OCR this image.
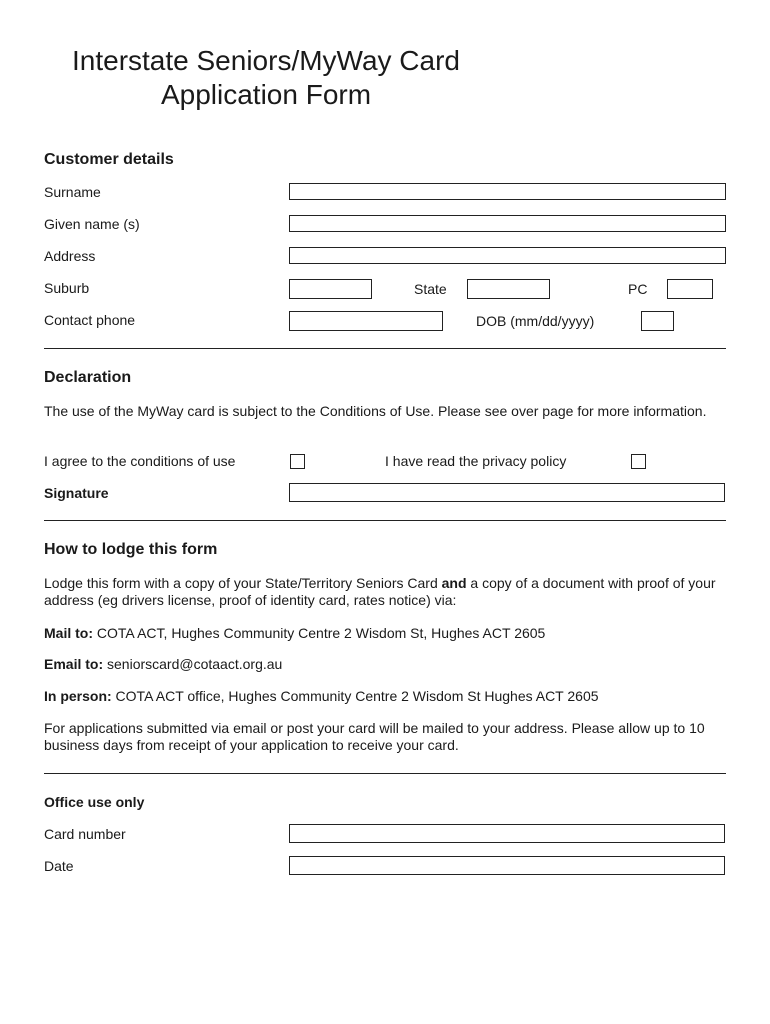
Interstate Seniors/MyWay Card
Application Form
Customer details
Surname
Given name (s)
Address
Suburb	State	PC
Contact phone	DOB (mm/dd/yyyy)
Declaration
The use of the MyWay card is subject to the Conditions of Use. Please see over page for more information.
I agree to the conditions of use	I have read the privacy policy
Signature
How to lodge this form
Lodge this form with a copy of your State/Territory Seniors Card and a copy of a document with proof of your address (eg drivers license, proof of identity card, rates notice) via:
Mail to: COTA ACT, Hughes Community Centre 2 Wisdom St, Hughes ACT 2605
Email to: seniorscard@cotaact.org.au
In person: COTA ACT office, Hughes Community Centre 2 Wisdom St Hughes ACT 2605
For applications submitted via email or post your card will be mailed to your address. Please allow up to 10 business days from receipt of your application to receive your card.
Office use only
Card number
Date
